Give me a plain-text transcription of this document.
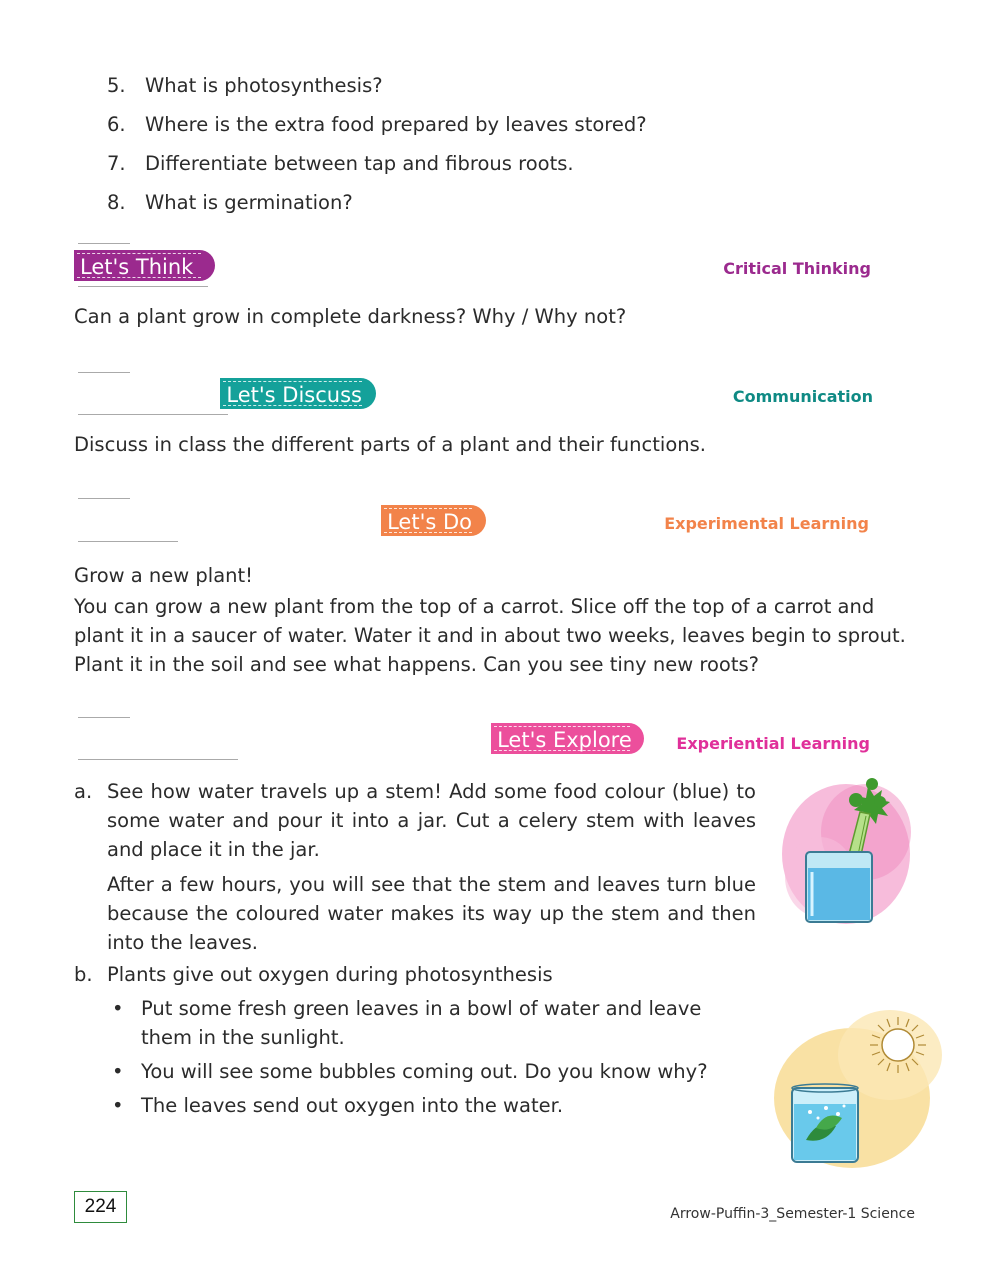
5. What is photosynthesis?
6. Where is the extra food prepared by leaves stored?
7. Differentiate between tap and fibrous roots.
8. What is germination?
Let's Think	Critical Thinking
Can a plant grow in complete darkness? Why / Why not?
Let's Discuss	Communication
Discuss in class the different parts of a plant and their functions.
Let's Do	Experimental Learning
Grow a new plant!
You can grow a new plant from the top of a carrot. Slice off the top of a carrot and plant it in a saucer of water. Water it and in about two weeks, leaves begin to sprout. Plant it in the soil and see what happens. Can you see tiny new roots?
Let's Explore	Experiential Learning
a. See how water travels up a stem! Add some food colour (blue) to some water and pour it into a jar. Cut a celery stem with leaves and place it in the jar.
After a few hours, you will see that the stem and leaves turn blue because the coloured water makes its way up the stem and then into the leaves.
b. Plants give out oxygen during photosynthesis
• Put some fresh green leaves in a bowl of water and leave them in the sunlight.
• You will see some bubbles coming out. Do you know why?
• The leaves send out oxygen into the water.
224	Arrow-Puffin-3_Semester-1 Science
